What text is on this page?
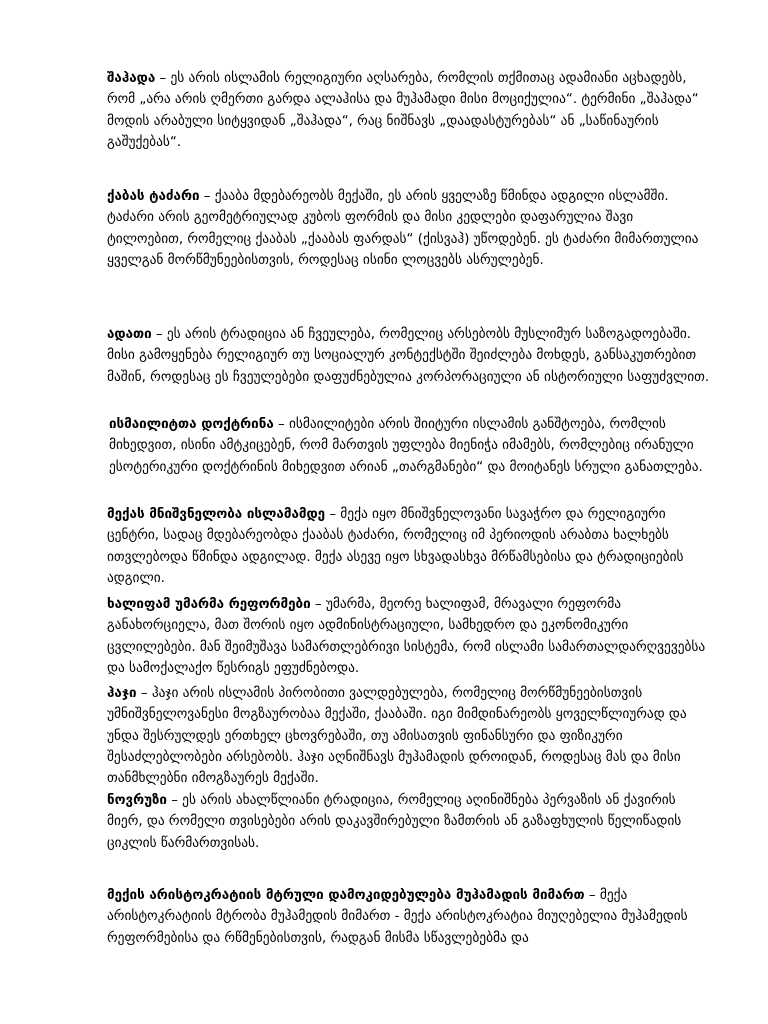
შაჰადა – ეს არის ისლამის რელიგიური აღსარება, რომლის თქმითაც ადამიანი აცხადებს, რომ „არა არის ღმერთი გარდა ალაჰისა და მუჰამადი მისი მოციქულია“. ტერმინი „შაჰადა“ მოდის არაბული სიტყვიდან „შაჰადა“, რაც ნიშნავს „დაადასტურებას“ ან „საწინაურის გაშუქებას“.

ქაბას ტაძარი – ქააბა მდებარეობს მექაში, ეს არის ყველაზე წმინდა ადგილი ისლამში. ტაძარი არის გეომეტრიულად კუბოს ფორმის და მისი კედლები დაფარულია შავი ტილოებით, რომელიც ქააბას „ქააბას ფარდას“ (ქისვაჰ) უწოდებენ. ეს ტაძარი მიმართულია ყველგან მორწმუნეებისთვის, როდესაც ისინი ლოცვებს ასრულებენ.

ადათი – ეს არის ტრადიცია ან ჩვეულება, რომელიც არსებობს მუსლიმურ საზოგადოებაში. მისი გამოყენება რელიგიურ თუ სოციალურ კონტექსტში შეიძლება მოხდეს, განსაკუთრებით მაშინ, როდესაც ეს ჩვეულებები დაფუძნებულია კორპორაციული ან ისტორიული საფუძვლით.

ისმაილიტთა დოქტრინა – ისმაილიტები არის შიიტური ისლამის განშტოება, რომლის მიხედვით, ისინი ამტკიცებენ, რომ მართვის უფლება მიენიჭა იმამებს, რომლებიც ირანული ესოტერიკური დოქტრინის მიხედვით არიან „თარგმანები“ და მოიტანეს სრული განათლება.

მექას მნიშვნელობა ისლამამდე – მექა იყო მნიშვნელოვანი სავაჭრო და რელიგიური ცენტრი, სადაც მდებარეობდა ქააბას ტაძარი, რომელიც იმ პერიოდის არაბთა ხალხებს ითვლებოდა წმინდა ადგილად. მექა ასევე იყო სხვადასხვა მრწამსებისა და ტრადიციების ადგილი.

ხალიფამ უმარმა რეფორმები – უმარმა, მეორე ხალიფამ, მრავალი რეფორმა განახორციელა, მათ შორის იყო ადმინისტრაციული, სამხედრო და ეკონომიკური ცვლილებები. მან შეიმუშავა სამართლებრივი სისტემა, რომ ისლამი სამართალდარღვევებსა და სამოქალაქო წესრიგს ეფუძნებოდა.

ჰაჯი – ჰაჯი არის ისლამის პირობითი ვალდებულება, რომელიც მორწმუნეებისთვის უმნიშვნელოვანესი მოგზაურობაა მექაში, ქააბაში. იგი მიმდინარეობს ყოველწლიურად და უნდა შესრულდეს ერთხელ ცხოვრებაში, თუ ამისათვის ფინანსური და ფიზიკური შესაძლებლობები არსებობს. ჰაჯი აღნიშნავს მუჰამადის დროიდან, როდესაც მას და მისი თანმხლებნი იმოგზაურეს მექაში.

ნოვრუზი – ეს არის ახალწლიანი ტრადიცია, რომელიც აღინიშნება პერვაზის ან ქავირის მიერ, და რომელი თვისებები არის დაკავშირებული ზამთრის ან გაზაფხულის წელიწადის ციკლის წარმართვისას.

მექის არისტოკრატიის მტრული დამოკიდებულება მუჰამადის მიმართ – მექა არისტოკრატიის მტრობა მუჰამედის მიმართ - მექა არისტოკრატია მიუღებელია მუჰამედის რეფორმებისა და რწმენებისთვის, რადგან მისმა სწავლებებმა და
